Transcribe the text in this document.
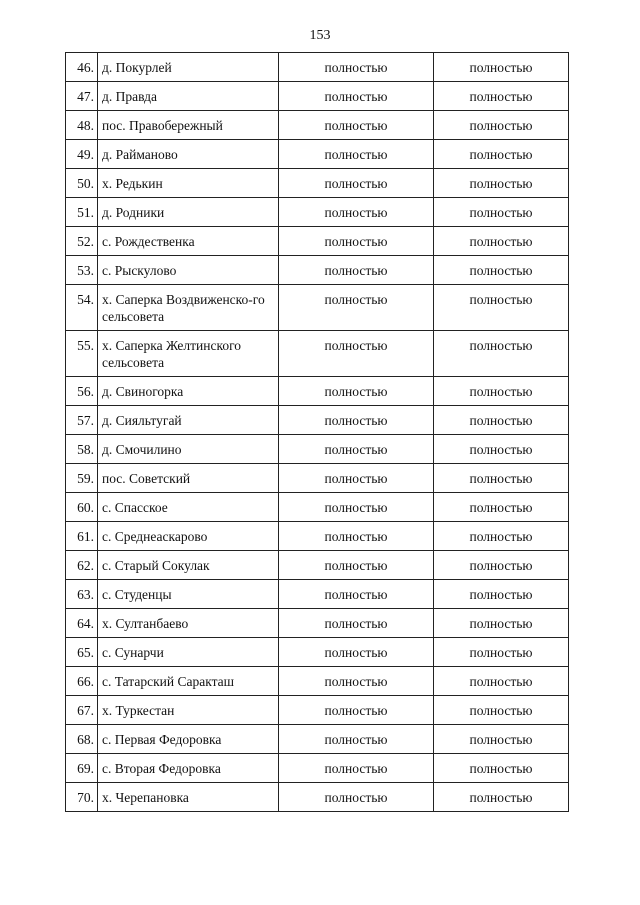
153
46.	д. Покурлей	полностью	полностью
47.	д. Правда	полностью	полностью
48.	пос. Правобережный	полностью	полностью
49.	д. Райманово	полностью	полностью
50.	х. Редькин	полностью	полностью
51.	д. Родники	полностью	полностью
52.	с. Рождественка	полностью	полностью
53.	с. Рыскулово	полностью	полностью
54.	х. Саперка Воздвиженско-го сельсовета	полностью	полностью
55.	х. Саперка Желтинского сельсовета	полностью	полностью
56.	д. Свиногорка	полностью	полностью
57.	д. Сияльтугай	полностью	полностью
58.	д. Смочилино	полностью	полностью
59.	пос. Советский	полностью	полностью
60.	с. Спасское	полностью	полностью
61.	с. Среднеаскарово	полностью	полностью
62.	с. Старый Сокулак	полностью	полностью
63.	с. Студенцы	полностью	полностью
64.	х. Султанбаево	полностью	полностью
65.	с. Сунарчи	полностью	полностью
66.	с. Татарский Саракташ	полностью	полностью
67.	х. Туркестан	полностью	полностью
68.	с. Первая Федоровка	полностью	полностью
69.	с. Вторая Федоровка	полностью	полностью
70.	х. Черепановка	полностью	полностью
